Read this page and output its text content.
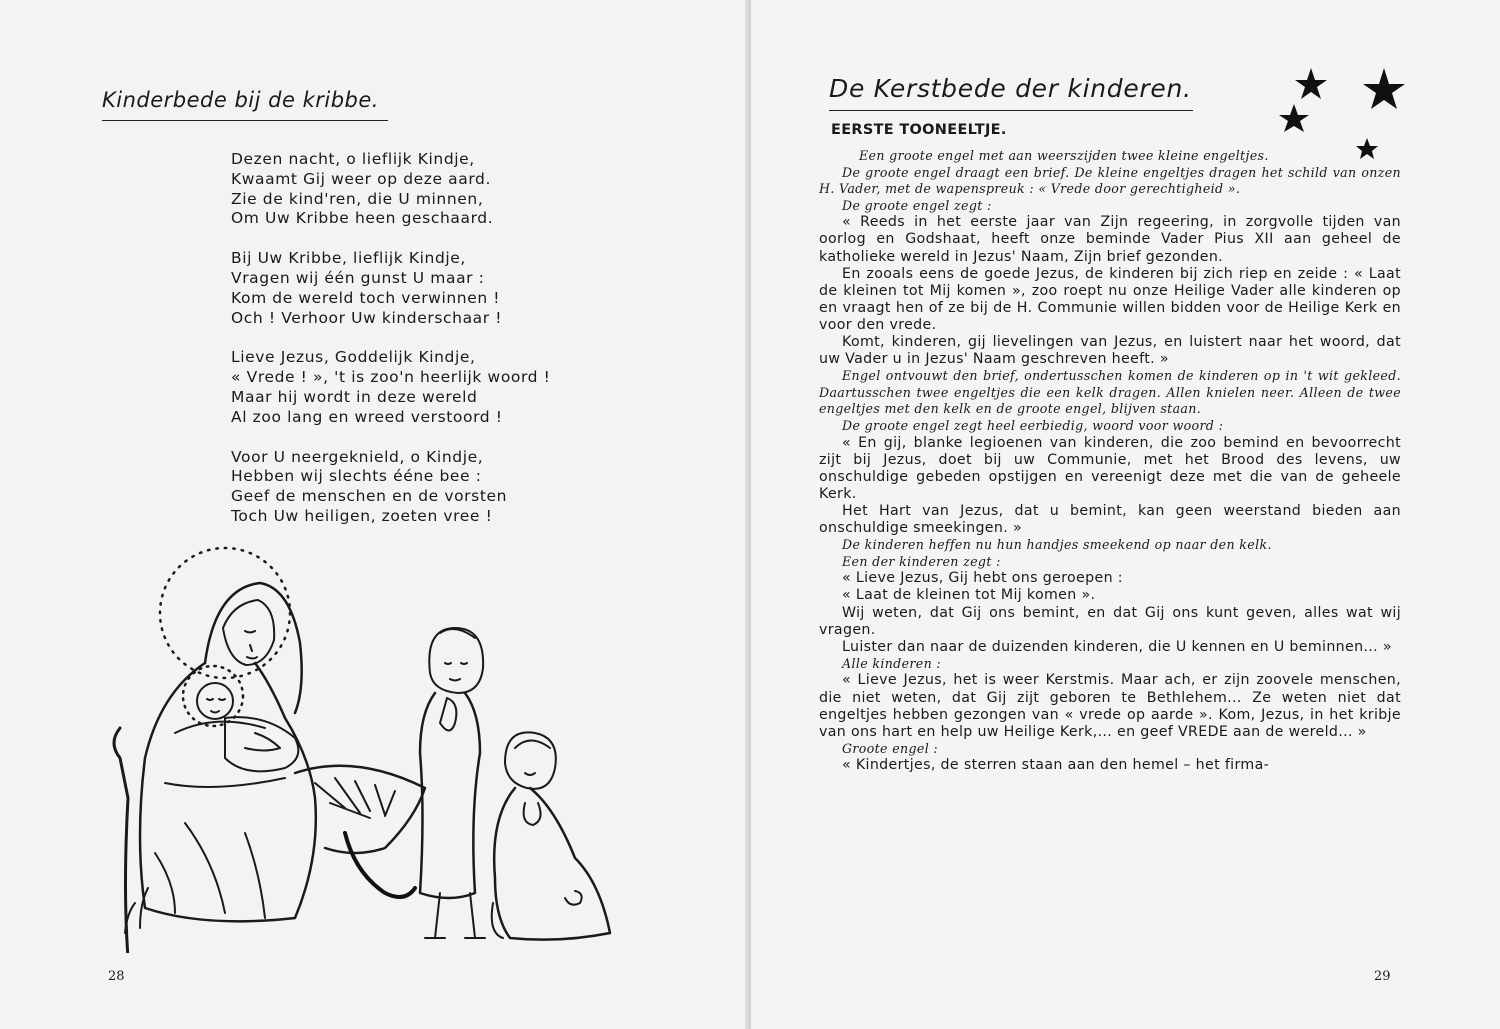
Kinderbede bij de kribbe.
Dezen nacht, o lieflijk Kindje,
Kwaamt Gij weer op deze aard.
Zie de kind'ren, die U minnen,
Om Uw Kribbe heen geschaard.
Bij Uw Kribbe, lieflijk Kindje,
Vragen wij één gunst U maar :
Kom de wereld toch verwinnen !
Och ! Verhoor Uw kinderschaar !
Lieve Jezus, Goddelijk Kindje,
« Vrede ! », 't is zoo'n heerlijk woord !
Maar hij wordt in deze wereld
Al zoo lang en wreed verstoord !
Voor U neergeknield, o Kindje,
Hebben wij slechts éénе bee :
Geef de menschen en de vorsten
Toch Uw heiligen, zoeten vree !
28
De Kerstbede der kinderen.
EERSTE TOONEELTJE.

Een groote engel met aan weerszijden twee kleine engeltjes.

De groote engel draagt een brief. De kleine engeltjes dragen het schild van onzen H. Vader, met de wapenspreuk : « Vrede door gerechtigheid ».

De groote engel zegt :

« Reeds in het eerste jaar van Zijn regeering, in zorgvolle tijden van oorlog en Godshaat, heeft onze beminde Vader Pius XII aan geheel de katholieke wereld in Jezus' Naam, Zijn brief gezonden.

En zooals eens de goede Jezus, de kinderen bij zich riep en zeide : « Laat de kleinen tot Mij komen », zoo roept nu onze Heilige Vader alle kinderen op en vraagt hen of ze bij de H. Communie willen bidden voor de Heilige Kerk en voor den vrede.

Komt, kinderen, gij lievelingen van Jezus, en luistert naar het woord, dat uw Vader u in Jezus' Naam geschreven heeft. »

Engel ontvouwt den brief, ondertusschen komen de kinderen op in 't wit gekleed. Daartusschen twee engeltjes die een kelk dragen. Allen knielen neer. Alleen de twee engeltjes met den kelk en de groote engel, blijven staan.

De groote engel zegt heel eerbiedig, woord voor woord :

« En gij, blanke legioenen van kinderen, die zoo bemind en bevoorrecht zijt bij Jezus, doet bij uw Communie, met het Brood des levens, uw onschuldige gebeden opstijgen en vereenigt deze met die van de geheele Kerk.

Het Hart van Jezus, dat u bemint, kan geen weerstand bieden aan onschuldige smeekingen. »

De kinderen heffen nu hun handjes smeekend op naar den kelk.

Een der kinderen zegt :

« Lieve Jezus, Gij hebt ons geroepen :

« Laat de kleinen tot Mij komen ».

Wij weten, dat Gij ons bemint, en dat Gij ons kunt geven, alles wat wij vragen.

Luister dan naar de duizenden kinderen, die U kennen en U beminnen... »

Alle kinderen :

« Lieve Jezus, het is weer Kerstmis. Maar ach, er zijn zoovele menschen, die niet weten, dat Gij zijt geboren te Bethlehem... Ze weten niet dat engeltjes hebben gezongen van « vrede op aarde ». Kom, Jezus, in het kribje van ons hart en help uw Heilige Kerk,... en geef VREDE aan de wereld... »

Groote engel :

« Kindertjes, de sterren staan aan den hemel – het firma-

29
